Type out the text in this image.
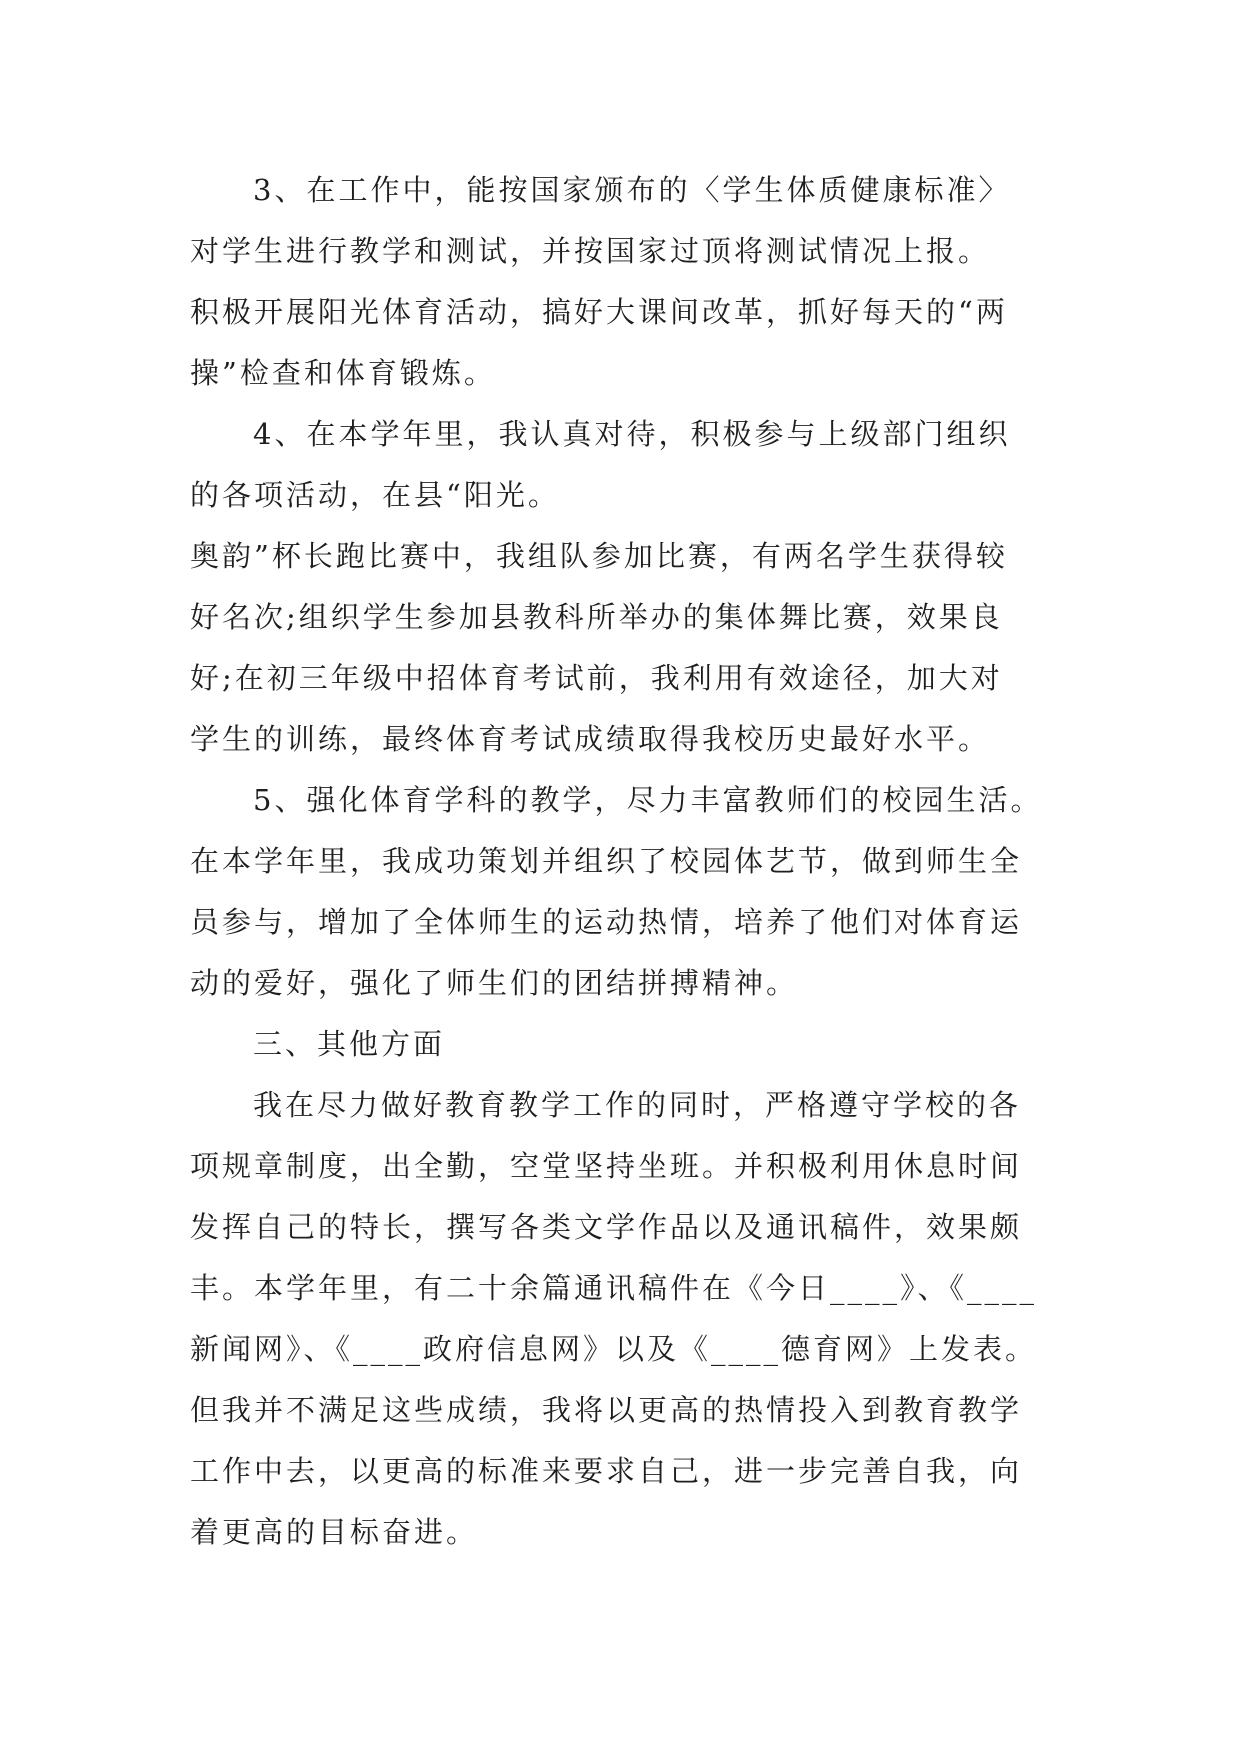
3、在工作中，能按国家颁布的〈学生体质健康标准〉
对学生进行教学和测试，并按国家过顶将测试情况上报。
积极开展阳光体育活动，搞好大课间改革，抓好每天的“两
操”检查和体育锻炼。
4、在本学年里，我认真对待，积极参与上级部门组织
的各项活动，在县“阳光。
奥韵”杯长跑比赛中，我组队参加比赛，有两名学生获得较
好名次;组织学生参加县教科所举办的集体舞比赛，效果良
好;在初三年级中招体育考试前，我利用有效途径，加大对
学生的训练，最终体育考试成绩取得我校历史最好水平。
5、强化体育学科的教学，尽力丰富教师们的校园生活。
在本学年里，我成功策划并组织了校园体艺节，做到师生全
员参与，增加了全体师生的运动热情，培养了他们对体育运
动的爱好，强化了师生们的团结拼搏精神。
三、其他方面
我在尽力做好教育教学工作的同时，严格遵守学校的各
项规章制度，出全勤，空堂坚持坐班。并积极利用休息时间
发挥自己的特长，撰写各类文学作品以及通讯稿件，效果颇
丰。本学年里，有二十余篇通讯稿件在《今日____》、《____
新闻网》、《____政府信息网》以及《____德育网》上发表。
但我并不满足这些成绩，我将以更高的热情投入到教育教学
工作中去，以更高的标准来要求自己，进一步完善自我，向
着更高的目标奋进。
